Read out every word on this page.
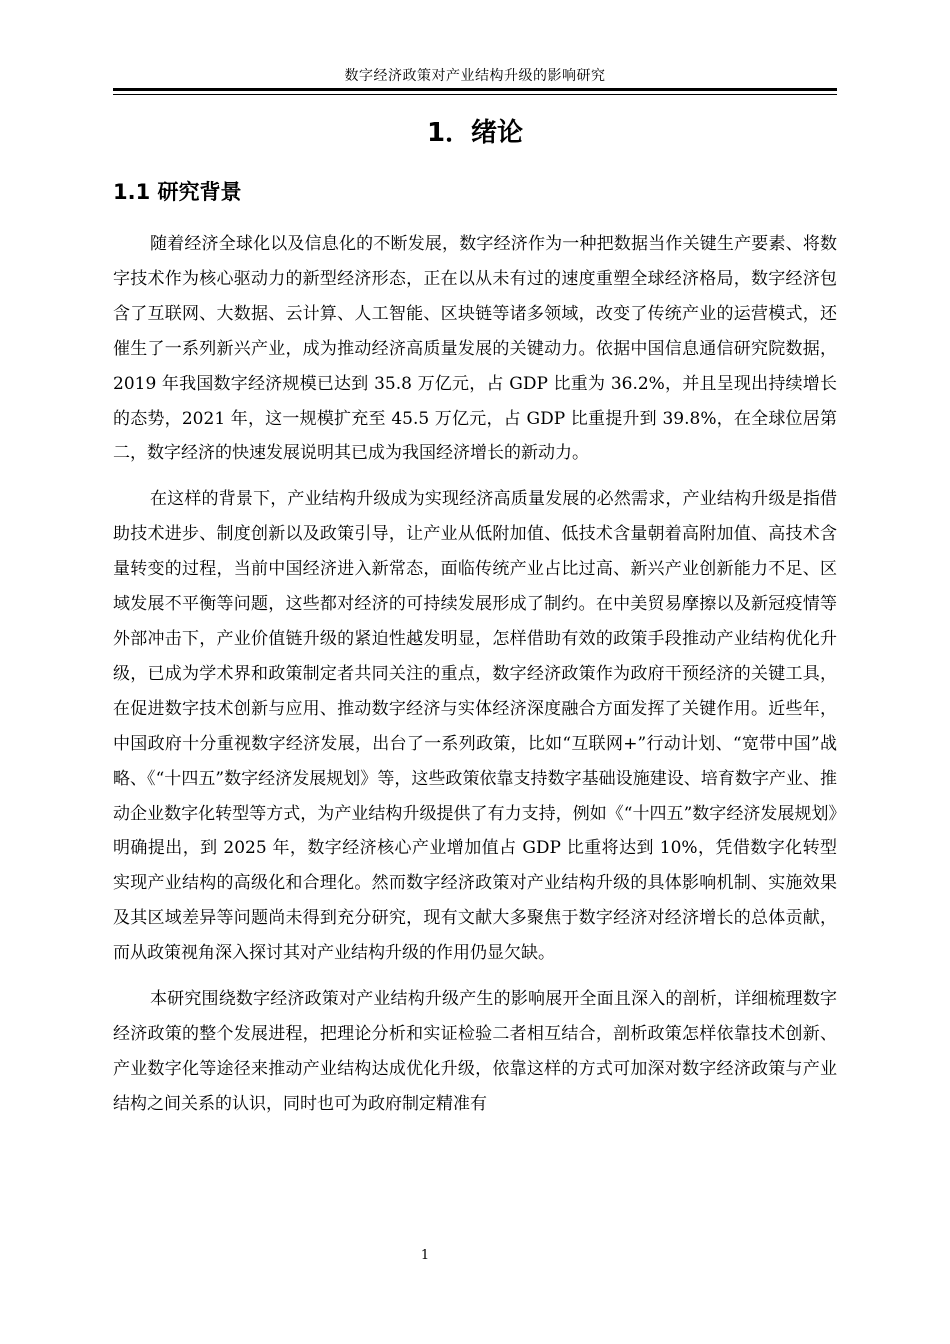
数字经济政策对产业结构升级的影响研究
1．绪论
1.1 研究背景

随着经济全球化以及信息化的不断发展，数字经济作为一种把数据当作关键生产要素、将数字技术作为核心驱动力的新型经济形态，正在以从未有过的速度重塑全球经济格局，数字经济包含了互联网、大数据、云计算、人工智能、区块链等诸多领域，改变了传统产业的运营模式，还催生了一系列新兴产业，成为推动经济高质量发展的关键动力。依据中国信息通信研究院数据，2019 年我国数字经济规模已达到 35.8 万亿元，占 GDP 比重为 36.2%，并且呈现出持续增长的态势，2021 年，这一规模扩充至 45.5 万亿元，占 GDP 比重提升到 39.8%，在全球位居第二，数字经济的快速发展说明其已成为我国经济增长的新动力。

在这样的背景下，产业结构升级成为实现经济高质量发展的必然需求，产业结构升级是指借助技术进步、制度创新以及政策引导，让产业从低附加值、低技术含量朝着高附加值、高技术含量转变的过程，当前中国经济进入新常态，面临传统产业占比过高、新兴产业创新能力不足、区域发展不平衡等问题，这些都对经济的可持续发展形成了制约。在中美贸易摩擦以及新冠疫情等外部冲击下，产业价值链升级的紧迫性越发明显，怎样借助有效的政策手段推动产业结构优化升级，已成为学术界和政策制定者共同关注的重点，数字经济政策作为政府干预经济的关键工具，在促进数字技术创新与应用、推动数字经济与实体经济深度融合方面发挥了关键作用。近些年，中国政府十分重视数字经济发展，出台了一系列政策，比如“互联网+”行动计划、“宽带中国”战略、《“十四五”数字经济发展规划》等，这些政策依靠支持数字基础设施建设、培育数字产业、推动企业数字化转型等方式，为产业结构升级提供了有力支持，例如《“十四五”数字经济发展规划》明确提出，到 2025 年，数字经济核心产业增加值占 GDP 比重将达到 10%，凭借数字化转型实现产业结构的高级化和合理化。然而数字经济政策对产业结构升级的具体影响机制、实施效果及其区域差异等问题尚未得到充分研究，现有文献大多聚焦于数字经济对经济增长的总体贡献，而从政策视角深入探讨其对产业结构升级的作用仍显欠缺。

本研究围绕数字经济政策对产业结构升级产生的影响展开全面且深入的剖析，详细梳理数字经济政策的整个发展进程，把理论分析和实证检验二者相互结合，剖析政策怎样依靠技术创新、产业数字化等途径来推动产业结构达成优化升级，依靠这样的方式可加深对数字经济政策与产业结构之间关系的认识，同时也可为政府制定精准有

1
